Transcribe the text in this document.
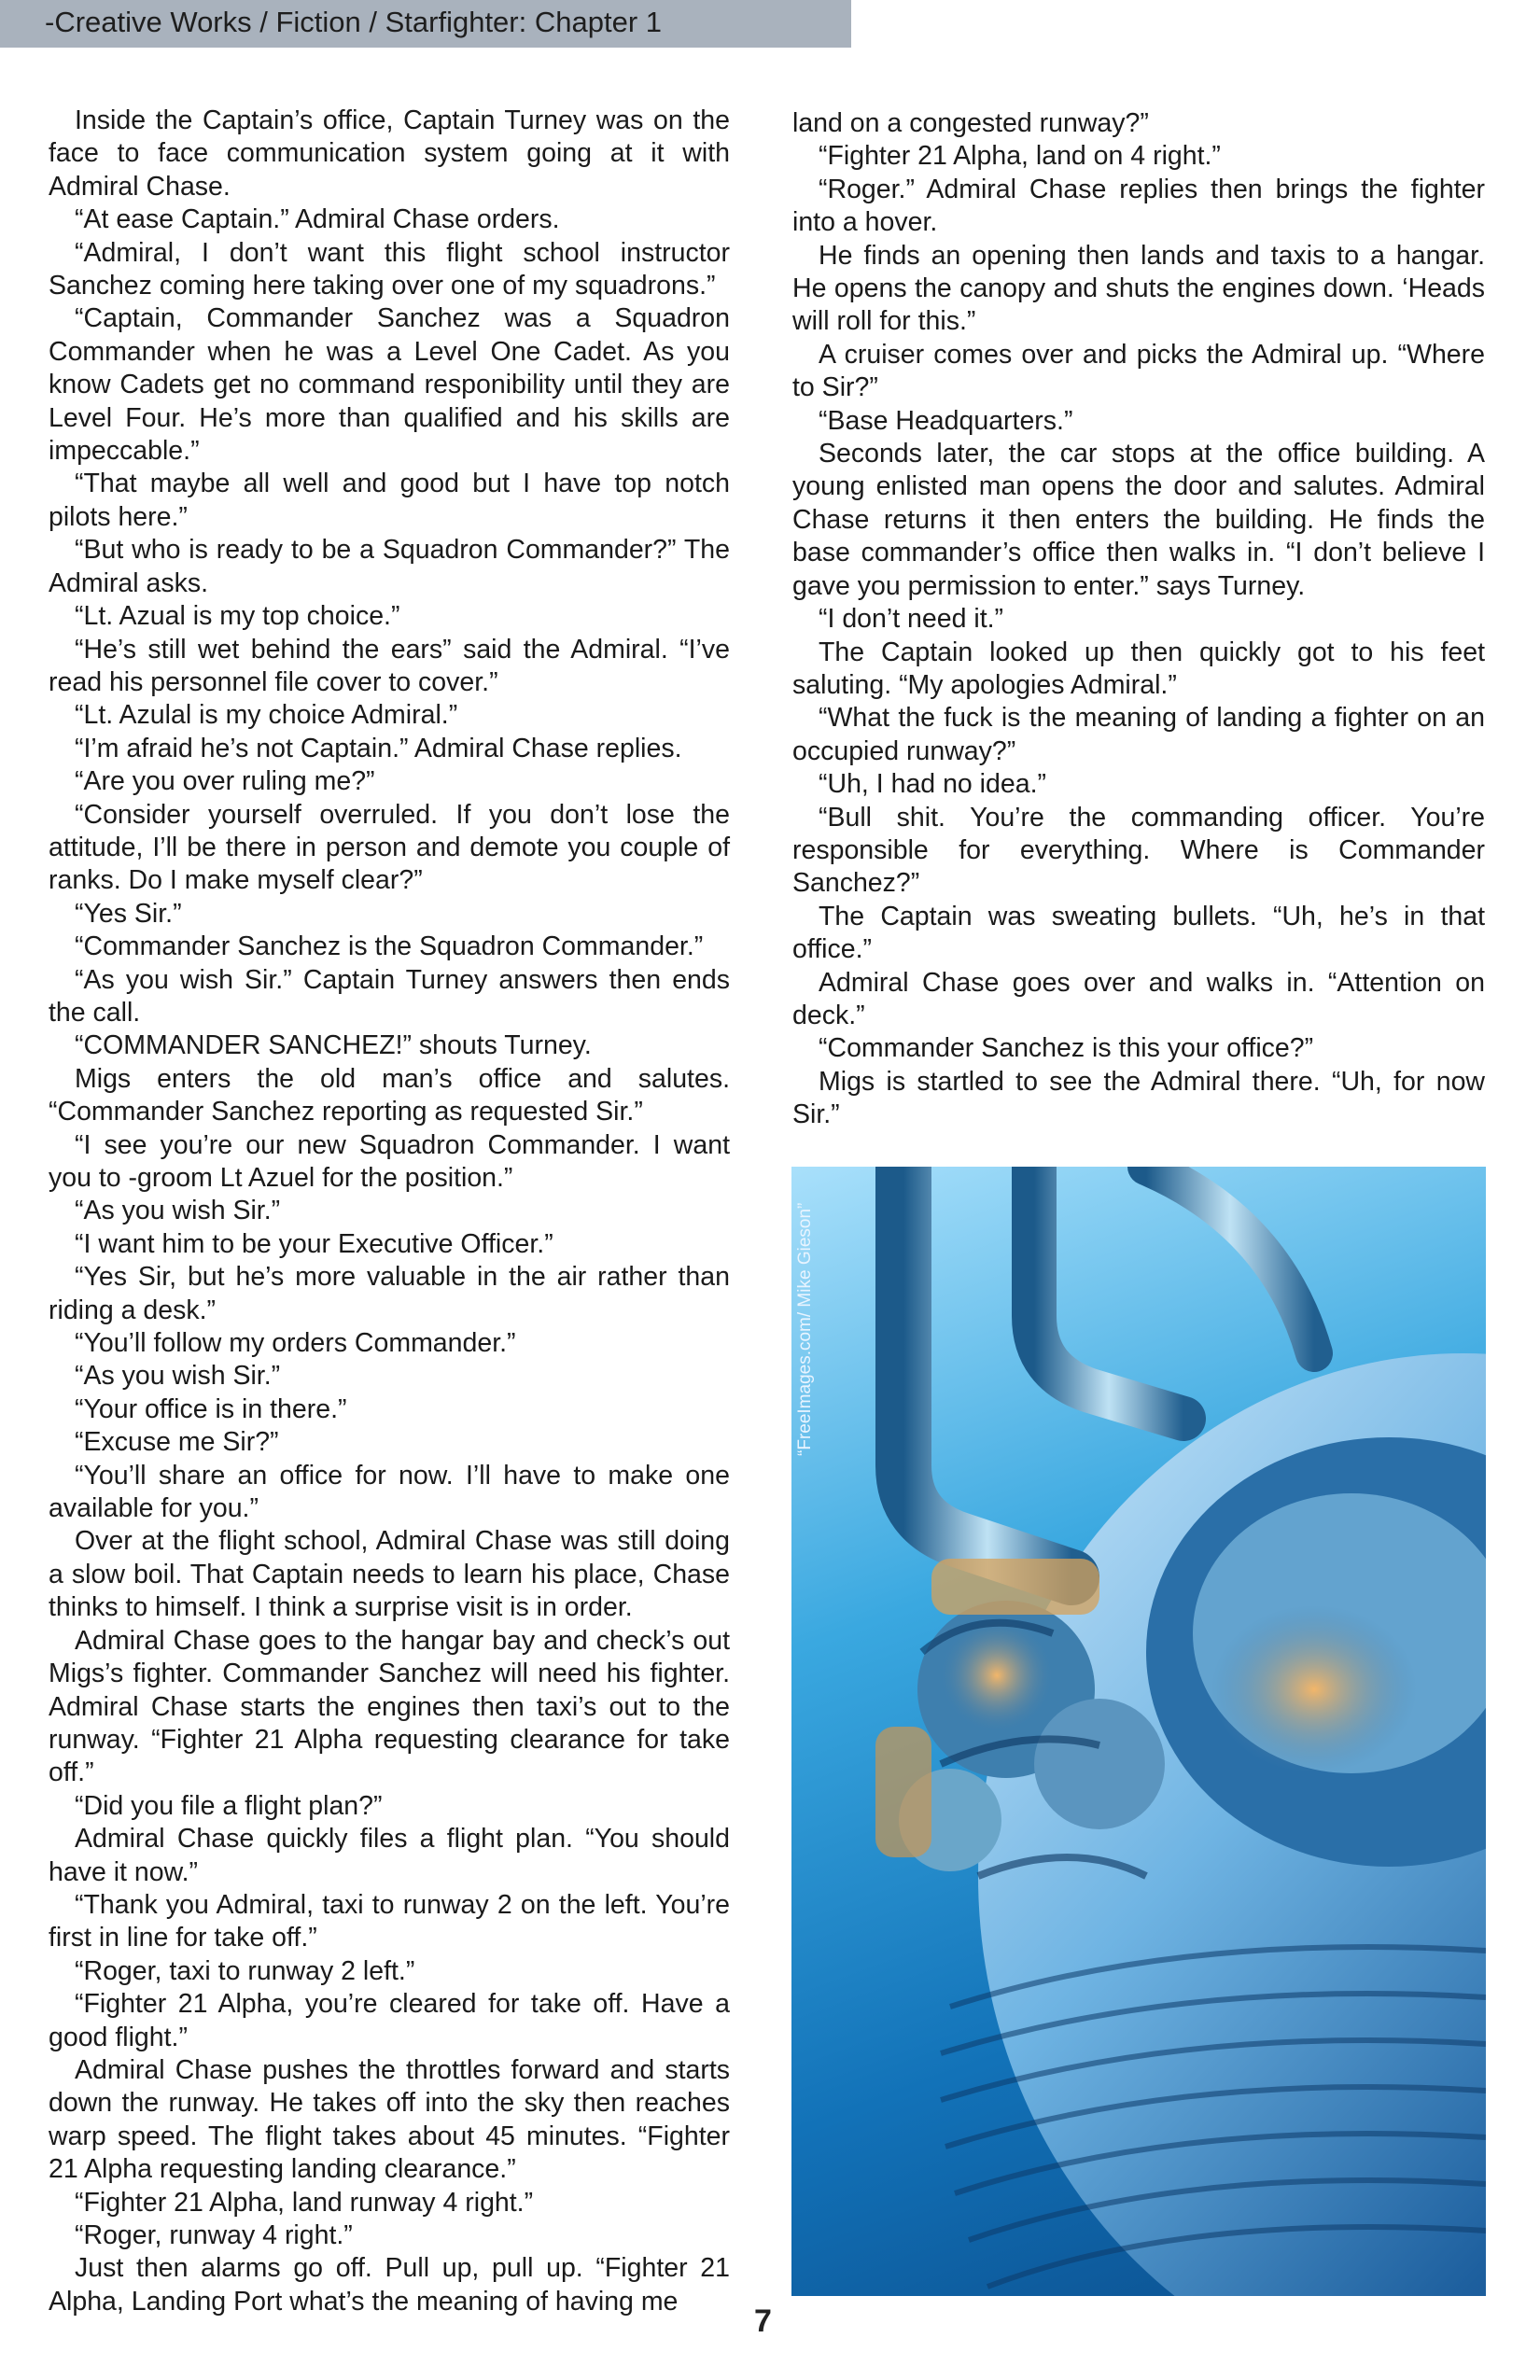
-Creative Works / Fiction / Starfighter: Chapter 1

Inside the Captain’s office, Captain Turney was on the face to face communication system going at it with Admiral Chase.

“At ease Captain.” Admiral Chase orders.

“Admiral, I don’t want this flight school instructor Sanchez coming here taking over one of my squadrons.”

“Captain, Commander Sanchez was a Squadron Commander when he was a Level One Cadet. As you know Cadets get no command responibility until they are Level Four. He’s more than qualified and his skills are impeccable.”

“That maybe all well and good but I have top notch pilots here.”

“But who is ready to be a Squadron Commander?” The Admiral asks.

“Lt. Azual is my top choice.”

“He’s still wet behind the ears” said the Admiral. “I’ve read his personnel file cover to cover.”

“Lt. Azulal is my choice Admiral.”

“I’m afraid he’s not Captain.” Admiral Chase replies.

“Are you over ruling me?”

“Consider yourself overruled. If you don’t lose the attitude, I’ll be there in person and demote you couple of ranks. Do I make myself clear?”

“Yes Sir.”

“Commander Sanchez is the Squadron Commander.”

“As you wish Sir.” Captain Turney answers then ends the call.

“COMMANDER SANCHEZ!” shouts Turney.

Migs enters the old man’s office and salutes. “Commander Sanchez reporting as requested Sir.”

“I see you’re our new Squadron Commander. I want you to -groom Lt Azuel for the position.”

“As you wish Sir.”

“I want him to be your Executive Officer.”

“Yes Sir, but he’s more valuable in the air rather than riding a desk.”

“You’ll follow my orders Commander.”

“As you wish Sir.”

“Your office is in there.”

“Excuse me Sir?”

“You’ll share an office for now. I’ll have to make one available for you.”

Over at the flight school, Admiral Chase was still doing a slow boil. That Captain needs to learn his place, Chase thinks to himself. I think a surprise visit is in order.

Admiral Chase goes to the hangar bay and check’s out Migs’s fighter. Commander Sanchez will need his fighter. Admiral Chase starts the engines then taxi’s out to the runway. “Fighter 21 Alpha requesting clearance for take off.”

“Did you file a flight plan?”

Admiral Chase quickly files a flight plan. “You should have it now.”

“Thank you Admiral, taxi to runway 2 on the left. You’re first in line for take off.”

“Roger, taxi to runway 2 left.”

“Fighter 21 Alpha, you’re cleared for take off. Have a good flight.”

Admiral Chase pushes the throttles forward and starts down the runway. He takes off into the sky then reaches warp speed. The flight takes about 45 minutes. “Fighter 21 Alpha requesting landing clearance.”

“Fighter 21 Alpha, land runway 4 right.”

“Roger, runway 4 right.”

Just then alarms go off. Pull up, pull up. “Fighter 21 Alpha, Landing Port what’s the meaning of having me

land on a congested runway?”

“Fighter 21 Alpha, land on 4 right.”

“Roger.” Admiral Chase replies then brings the fighter into a hover.

He finds an opening then lands and taxis to a hangar. He opens the canopy and shuts the engines down. ‘Heads will roll for this.”

A cruiser comes over and picks the Admiral up. “Where to Sir?”

“Base Headquarters.”

Seconds later, the car stops at the office building. A young enlisted man opens the door and salutes. Admiral Chase returns it then enters the building. He finds the base commander’s office then walks in. “I don’t believe I gave you permission to enter.” says Turney.

“I don’t need it.”

The Captain looked up then quickly got to his feet saluting. “My apologies Admiral.”

“What the fuck is the meaning of landing a fighter on an occupied runway?”

“Uh, I had no idea.”

“Bull shit. You’re the commanding officer. You’re responsible for everything. Where is Commander Sanchez?”

The Captain was sweating bullets. “Uh, he’s in that office.”

Admiral Chase goes over and walks in. “Attention on deck.”

“Commander Sanchez is this your office?”

Migs is startled to see the Admiral there. “Uh, for now Sir.”

“FreeImages.com/ Mike Gieson”
7
